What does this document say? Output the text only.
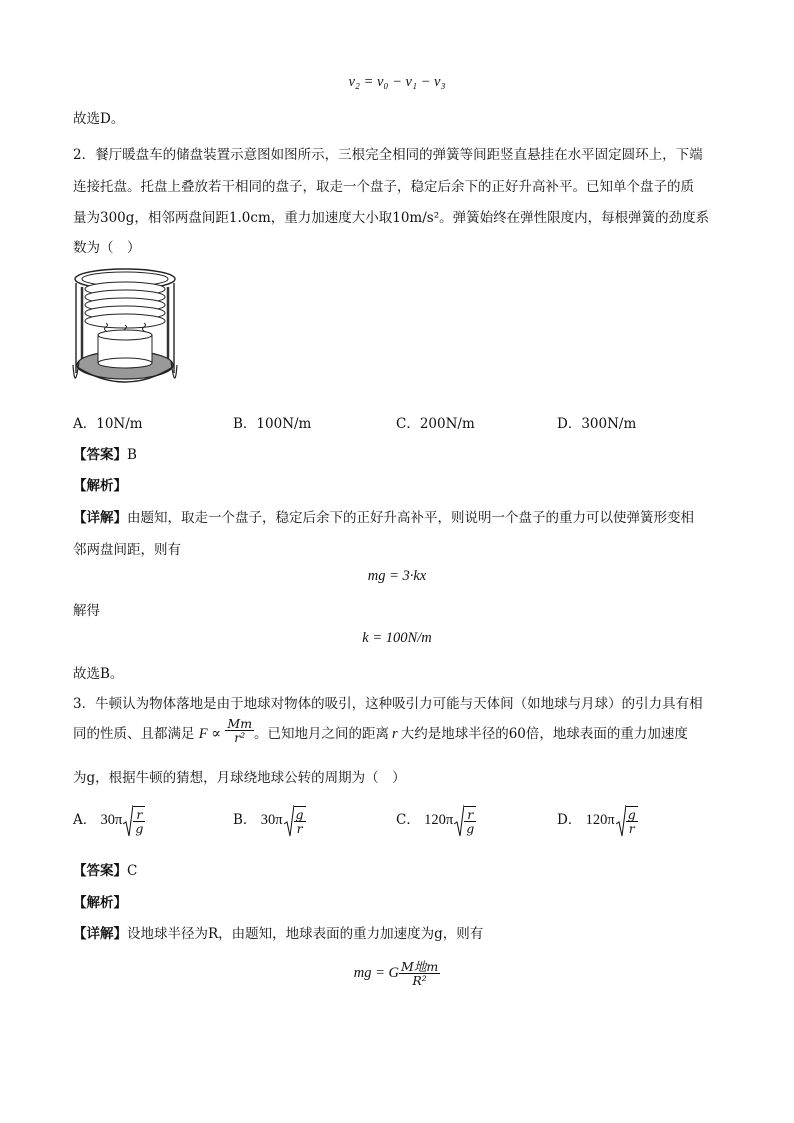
v₂ = v₀ − v₁ − v₃
故选D。
2．餐厅暖盘车的储盘装置示意图如图所示，三根完全相同的弹簧等间距竖直悬挂在水平固定圆环上，下端
连接托盘。托盘上叠放若干相同的盘子，取走一个盘子，稳定后余下的正好升高补平。已知单个盘子的质
量为300g，相邻两盘间距1.0cm，重力加速度大小取10m/s²。弹簧始终在弹性限度内，每根弹簧的劲度系
数为（　）
A．10N/m	B．100N/m	C．200N/m	D．300N/m
【答案】B
【解析】
【详解】由题知，取走一个盘子，稳定后余下的正好升高补平，则说明一个盘子的重力可以使弹簧形变相
邻两盘间距，则有
mg = 3·kx
解得
k = 100N/m
故选B。
3．牛顿认为物体落地是由于地球对物体的吸引，这种吸引力可能与天体间（如地球与月球）的引力具有相
同的性质、且都满足 $F \propto \frac{Mm}{\text{r²}}$ 。已知地月之间的距离 r 大约是地球半径的60倍，地球表面的重力加速度
为g，根据牛顿的猜想，月球绕地球公转的周期为（　）
A． $30\pi \frac{r}{g}$	B． $30\pi \frac{g}{r}$	C． $120\pi \frac{r}{g}$	D． $120\pi \frac{g}{r}$
【答案】C
【解析】
【详解】设地球半径为R，由题知，地球表面的重力加速度为g，则有
mg = G $\frac{\text{M地m}}{\text{R²}}$
